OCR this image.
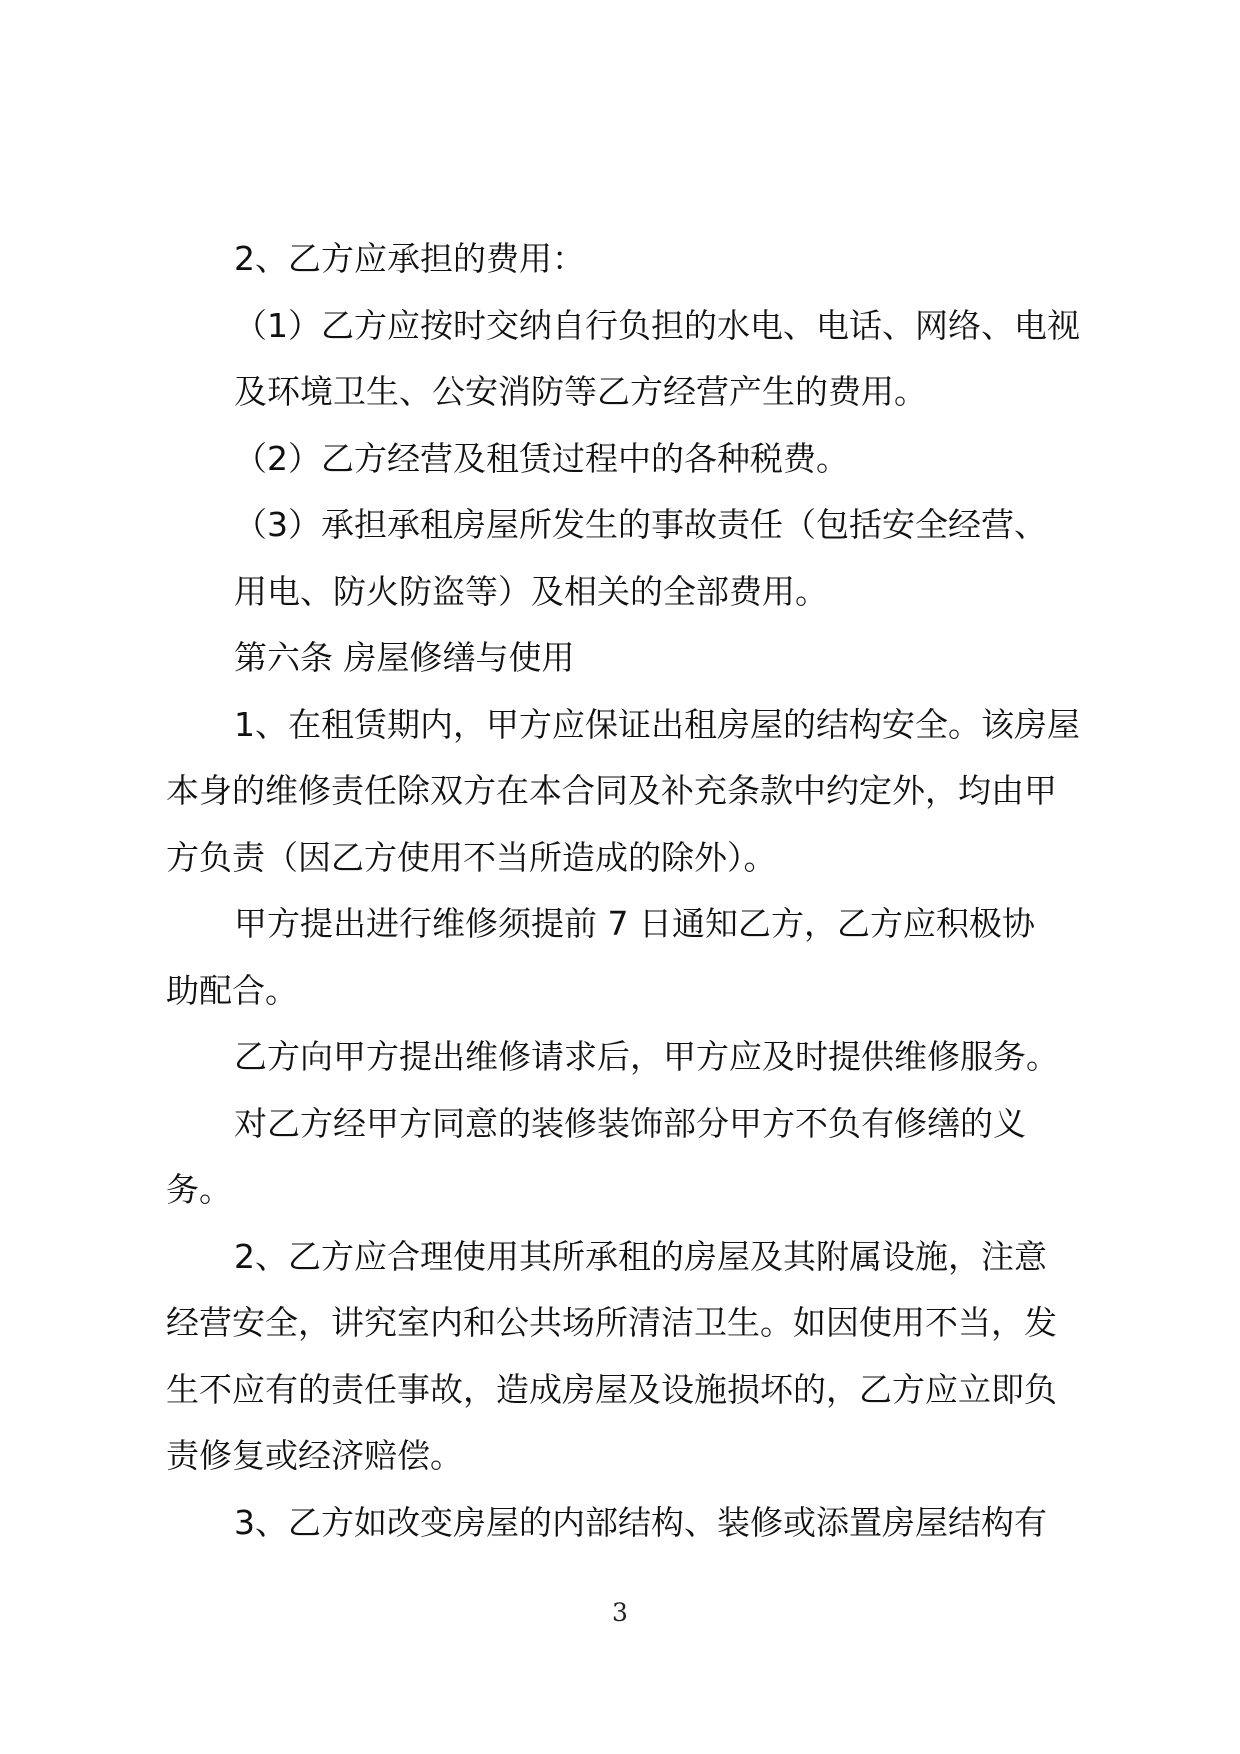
2、乙方应承担的费用：

（1）乙方应按时交纳自行负担的水电、电话、网络、电视

及环境卫生、公安消防等乙方经营产生的费用。

（2）乙方经营及租赁过程中的各种税费。

（3）承担承租房屋所发生的事故责任（包括安全经营、

用电、防火防盗等）及相关的全部费用。

第六条 房屋修缮与使用

1、在租赁期内，甲方应保证出租房屋的结构安全。该房屋

本身的维修责任除双方在本合同及补充条款中约定外，均由甲

方负责（因乙方使用不当所造成的除外）。

甲方提出进行维修须提前 7 日通知乙方，乙方应积极协

助配合。

乙方向甲方提出维修请求后，甲方应及时提供维修服务。

对乙方经甲方同意的装修装饰部分甲方不负有修缮的义

务。

2、乙方应合理使用其所承租的房屋及其附属设施，注意

经营安全，讲究室内和公共场所清洁卫生。如因使用不当，发

生不应有的责任事故，造成房屋及设施损坏的，乙方应立即负

责修复或经济赔偿。

3、乙方如改变房屋的内部结构、装修或添置房屋结构有

3
